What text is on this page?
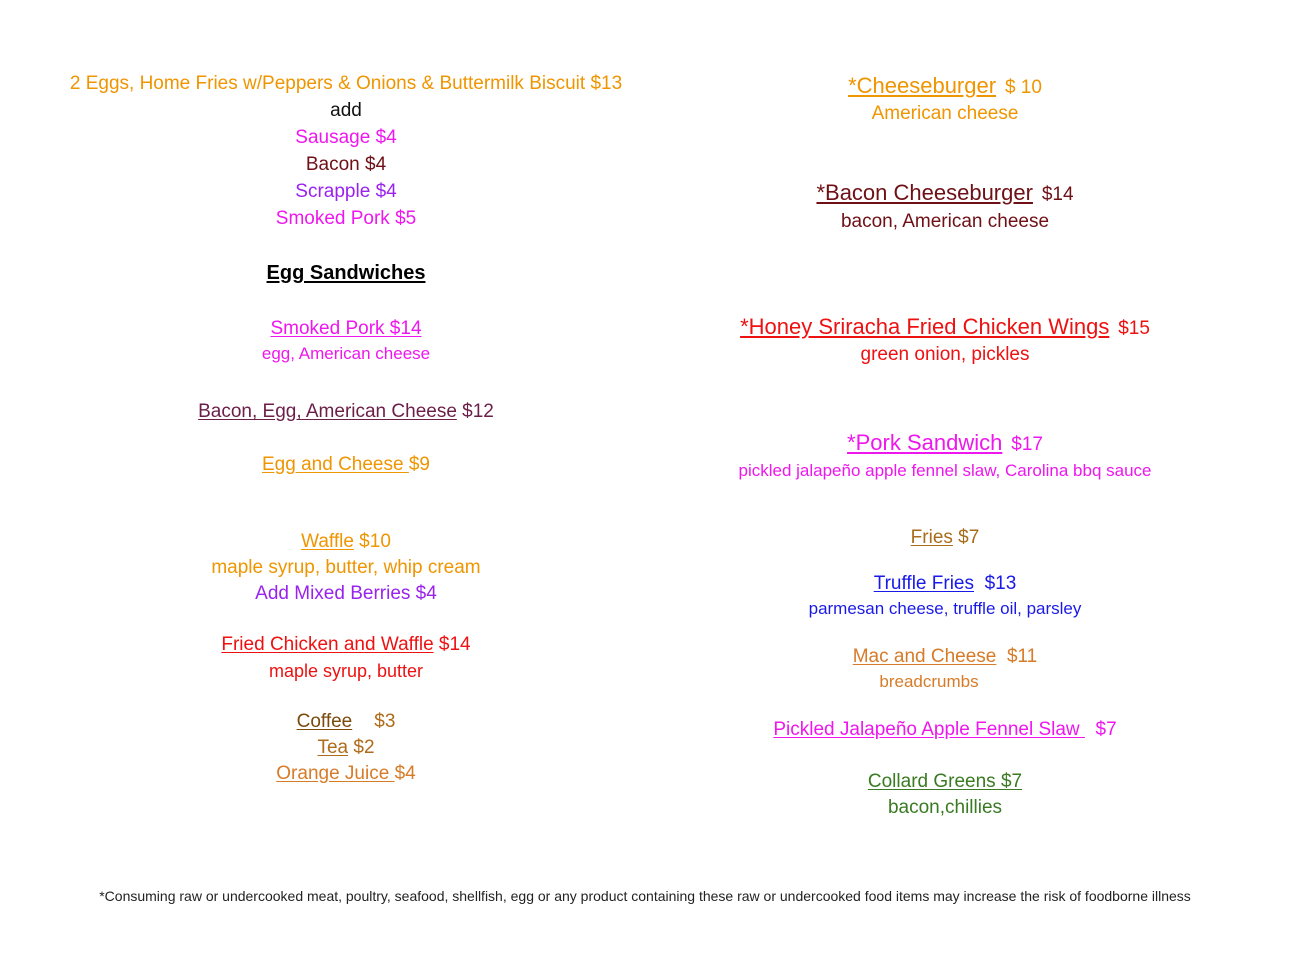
2 Eggs, Home Fries w/Peppers & Onions & Buttermilk Biscuit $13
add
Sausage $4
Bacon $4
Scrapple $4
Smoked Pork $5
Egg Sandwiches
Smoked Pork $14
egg, American cheese
Bacon, Egg, American Cheese $12
Egg and Cheese $9
Waffle $10
maple syrup, butter, whip cream
Add Mixed Berries $4
Fried Chicken and Waffle $14
maple syrup, butter
Coffee $3
Tea $2
Orange Juice $4
*Cheeseburger $ 10
American cheese
*Bacon Cheeseburger $14
bacon, American cheese
*Honey Sriracha Fried Chicken Wings $15
green onion, pickles
*Pork Sandwich $17
pickled jalapeño apple fennel slaw, Carolina bbq sauce
Fries $7
Truffle Fries $13
parmesan cheese, truffle oil, parsley
Mac and Cheese $11
breadcrumbs
Pickled Jalapeño Apple Fennel Slaw   $7
Collard Greens $7
bacon,chillies
*Consuming raw or undercooked meat, poultry, seafood, shellfish, egg or any product containing these raw or undercooked food items may increase the risk of foodborne illness
